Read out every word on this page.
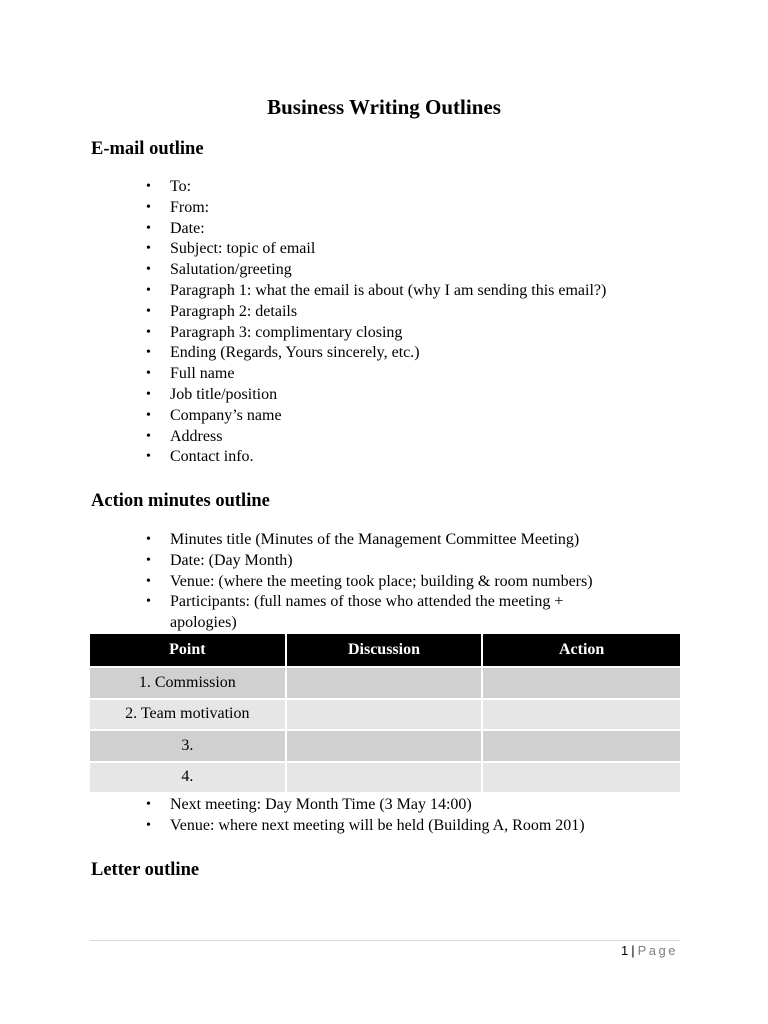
Business Writing Outlines
E-mail outline
• To:
• From:
• Date:
• Subject: topic of email
• Salutation/greeting
• Paragraph 1: what the email is about (why I am sending this email?)
• Paragraph 2: details
• Paragraph 3: complimentary closing
• Ending (Regards, Yours sincerely, etc.)
• Full name
• Job title/position
• Company’s name
• Address
• Contact info.
Action minutes outline
• Minutes title (Minutes of the Management Committee Meeting)
• Date: (Day Month)
• Venue: (where the meeting took place; building & room numbers)
• Participants: (full names of those who attended the meeting + apologies)
Point	Discussion	Action
1. Commission		
2. Team motivation		
3.		
4.		
• Next meeting: Day Month Time (3 May 14:00)
• Venue: where next meeting will be held (Building A, Room 201)
Letter outline
1 | Page
